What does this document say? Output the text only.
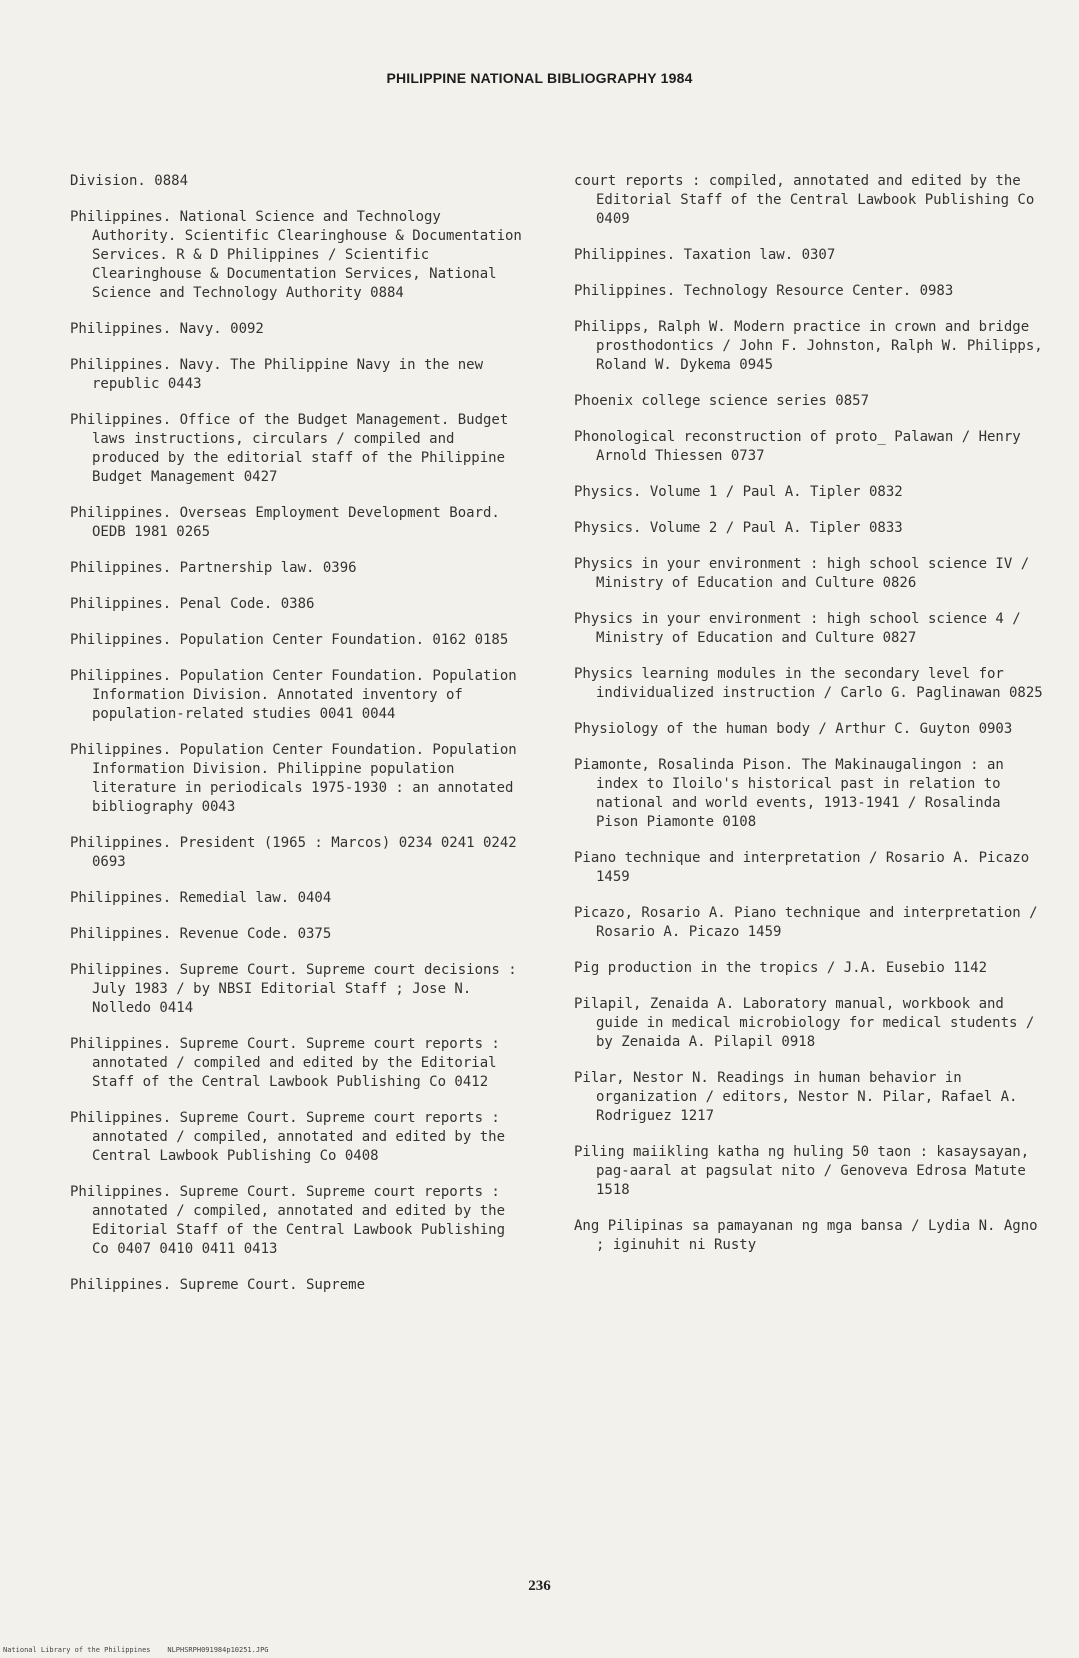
PHILIPPINE NATIONAL BIBLIOGRAPHY 1984
Division. 0884
Philippines. National Science and Technology Authority. Scientific Clearinghouse & Documentation Services. R & D Philippines / Scientific Clearinghouse & Documentation Services, National Science and Technology Authority 0884
Philippines. Navy. 0092
Philippines. Navy. The Philippine Navy in the new republic 0443
Philippines. Office of the Budget Management. Budget laws instructions, circulars / compiled and produced by the editorial staff of the Philippine Budget Management 0427
Philippines. Overseas Employment Development Board. OEDB 1981 0265
Philippines. Partnership law. 0396
Philippines. Penal Code. 0386
Philippines. Population Center Foundation. 0162 0185
Philippines. Population Center Foundation. Population Information Division. Annotated inventory of population-related studies 0041 0044
Philippines. Population Center Foundation. Population Information Division. Philippine population literature in periodicals 1975-1930 : an annotated bibliography 0043
Philippines. President (1965 : Marcos) 0234 0241 0242 0693
Philippines. Remedial law. 0404
Philippines. Revenue Code. 0375
Philippines. Supreme Court. Supreme court decisions : July 1983 / by NBSI Editorial Staff ; Jose N. Nolledo 0414
Philippines. Supreme Court. Supreme court reports : annotated / compiled and edited by the Editorial Staff of the Central Lawbook Publishing Co 0412
Philippines. Supreme Court. Supreme court reports : annotated / compiled, annotated and edited by the Central Lawbook Publishing Co 0408
Philippines. Supreme Court. Supreme court reports : annotated / compiled, annotated and edited by the Editorial Staff of the Central Lawbook Publishing Co 0407 0410 0411 0413
Philippines. Supreme Court. Supreme
court reports : compiled, annotated and edited by the Editorial Staff of the Central Lawbook Publishing Co 0409
Philippines. Taxation law. 0307
Philippines. Technology Resource Center. 0983
Philipps, Ralph W. Modern practice in crown and bridge prosthodontics / John F. Johnston, Ralph W. Philipps, Roland W. Dykema 0945
Phoenix college science series 0857
Phonological reconstruction of proto_ Palawan / Henry Arnold Thiessen 0737
Physics. Volume 1 / Paul A. Tipler 0832
Physics. Volume 2 / Paul A. Tipler 0833
Physics in your environment : high school science IV / Ministry of Education and Culture 0826
Physics in your environment : high school science 4 / Ministry of Education and Culture 0827
Physics learning modules in the secondary level for individualized instruction / Carlo G. Paglinawan 0825
Physiology of the human body / Arthur C. Guyton 0903
Piamonte, Rosalinda Pison. The Makinaugalingon : an index to Iloilo's historical past in relation to national and world events, 1913-1941 / Rosalinda Pison Piamonte 0108
Piano technique and interpretation / Rosario A. Picazo 1459
Picazo, Rosario A. Piano technique and interpretation / Rosario A. Picazo 1459
Pig production in the tropics / J.A. Eusebio 1142
Pilapil, Zenaida A. Laboratory manual, workbook and guide in medical microbiology for medical students / by Zenaida A. Pilapil 0918
Pilar, Nestor N. Readings in human behavior in organization / editors, Nestor N. Pilar, Rafael A. Rodriguez 1217
Piling maiikling katha ng huling 50 taon : kasaysayan, pag-aaral at pagsulat nito / Genoveva Edrosa Matute 1518
Ang Pilipinas sa pamayanan ng mga bansa / Lydia N. Agno ; iginuhit ni Rusty
236
National Library of the Philippines    NLPHSRPH091984p10251.JPG
